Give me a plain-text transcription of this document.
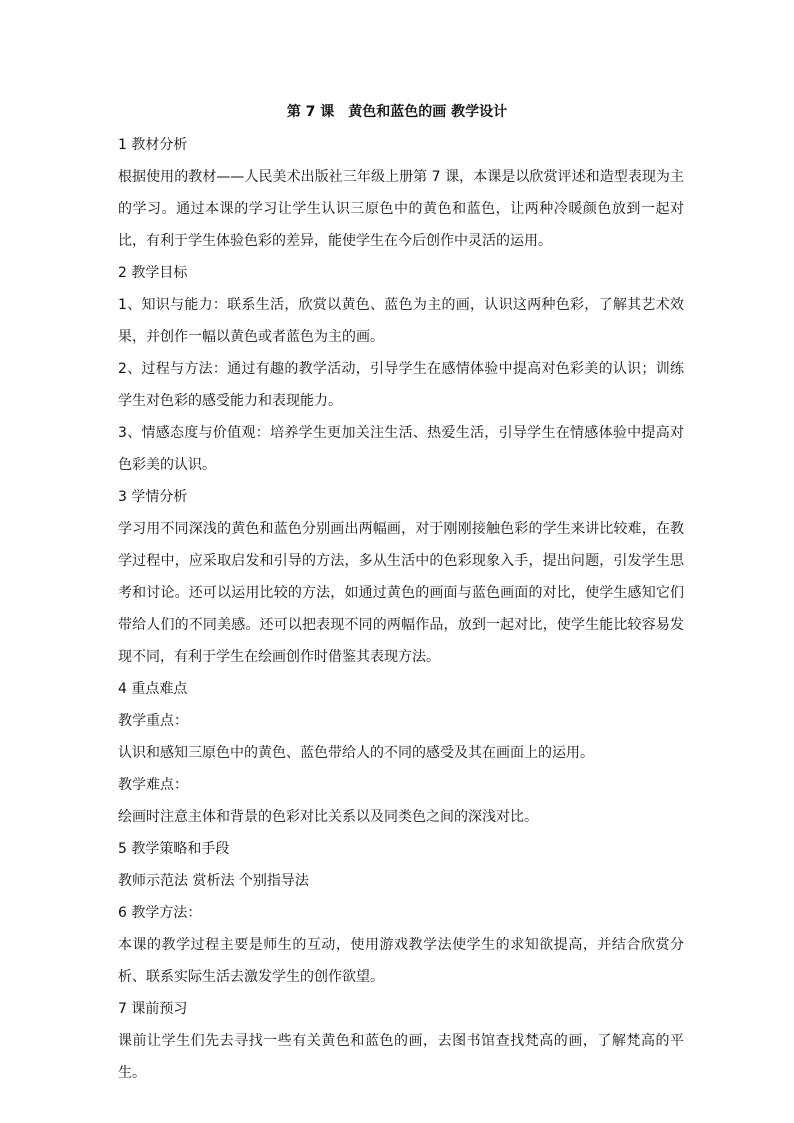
第 7 课　黄色和蓝色的画 教学设计

1 教材分析

根据使用的教材——人民美术出版社三年级上册第 7 课，本课是以欣赏评述和造型表现为主的学习。通过本课的学习让学生认识三原色中的黄色和蓝色，让两种冷暖颜色放到一起对比，有利于学生体验色彩的差异，能使学生在今后创作中灵活的运用。

2 教学目标

1、知识与能力：联系生活，欣赏以黄色、蓝色为主的画，认识这两种色彩，了解其艺术效果，并创作一幅以黄色或者蓝色为主的画。

2、过程与方法：通过有趣的教学活动，引导学生在感情体验中提高对色彩美的认识；训练学生对色彩的感受能力和表现能力。

3、情感态度与价值观：培养学生更加关注生活、热爱生活，引导学生在情感体验中提高对色彩美的认识。

3 学情分析

学习用不同深浅的黄色和蓝色分别画出两幅画，对于刚刚接触色彩的学生来讲比较难，在教学过程中，应采取启发和引导的方法，多从生活中的色彩现象入手，提出问题，引发学生思考和讨论。还可以运用比较的方法，如通过黄色的画面与蓝色画面的对比，使学生感知它们带给人们的不同美感。还可以把表现不同的两幅作品，放到一起对比，使学生能比较容易发现不同，有利于学生在绘画创作时借鉴其表现方法。

4 重点难点

教学重点：

认识和感知三原色中的黄色、蓝色带给人的不同的感受及其在画面上的运用。

教学难点：

绘画时注意主体和背景的色彩对比关系以及同类色之间的深浅对比。

5 教学策略和手段

教师示范法 赏析法 个别指导法

6 教学方法：

本课的教学过程主要是师生的互动，使用游戏教学法使学生的求知欲提高，并结合欣赏分析、联系实际生活去激发学生的创作欲望。

7 课前预习

课前让学生们先去寻找一些有关黄色和蓝色的画，去图书馆查找梵高的画，了解梵高的平生。
